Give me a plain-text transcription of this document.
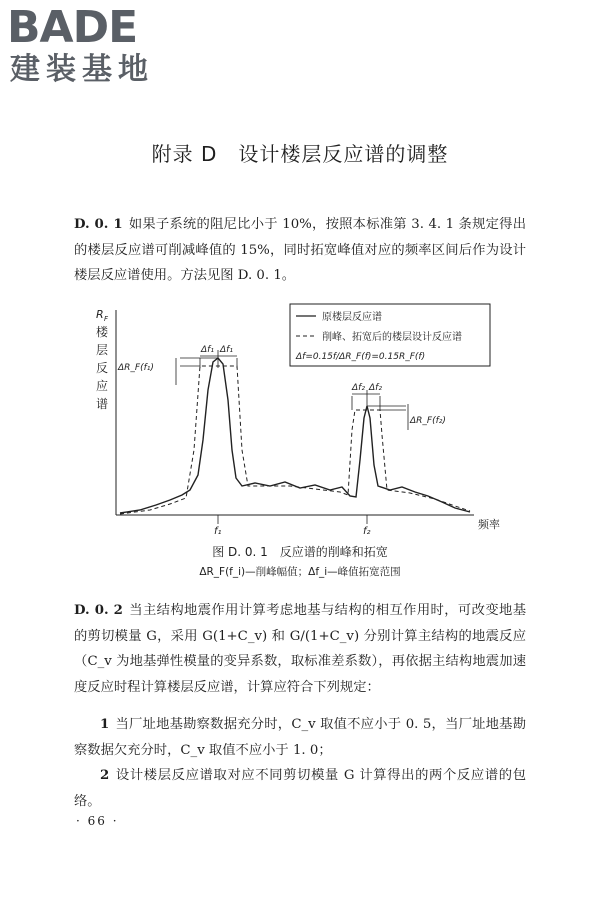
BADE
建装基地
附录 D　设计楼层反应谱的调整
D. 0. 1 如果子系统的阻尼比小于 10%，按照本标准第 3. 4. 1 条规定得出的楼层反应谱可削减峰值的 15%，同时拓宽峰值对应的频率区间后作为设计楼层反应谱使用。方法见图 D. 0. 1。
R F
楼
层
反
应
谱
频率
原楼层反应谱
削峰、拓宽后的楼层设计反应谱
Δf=0.15f/ΔR_F(f)=0.15R_F(f)
Δf₁ Δf₁
ΔR_F(f₁)
f₁
Δf₂ Δf₂
ΔR_F(f₂)
f₂
图 D. 0. 1　反应谱的削峰和拓宽
ΔR_F(f_i)—削峰幅值；Δf_i—峰值拓宽范围
D. 0. 2 当主结构地震作用计算考虑地基与结构的相互作用时，可改变地基的剪切模量 G，采用 G(1+C_v) 和 G/(1+C_v) 分别计算主结构的地震反应（C_v 为地基弹性模量的变异系数，取标准差系数），再依据主结构地震加速度反应时程计算楼层反应谱，计算应符合下列规定：
1 当厂址地基勘察数据充分时，C_v 取值不应小于 0. 5，当厂址地基勘察数据欠充分时，C_v 取值不应小于 1. 0；
2 设计楼层反应谱取对应不同剪切模量 G 计算得出的两个反应谱的包络。
· 66 ·
